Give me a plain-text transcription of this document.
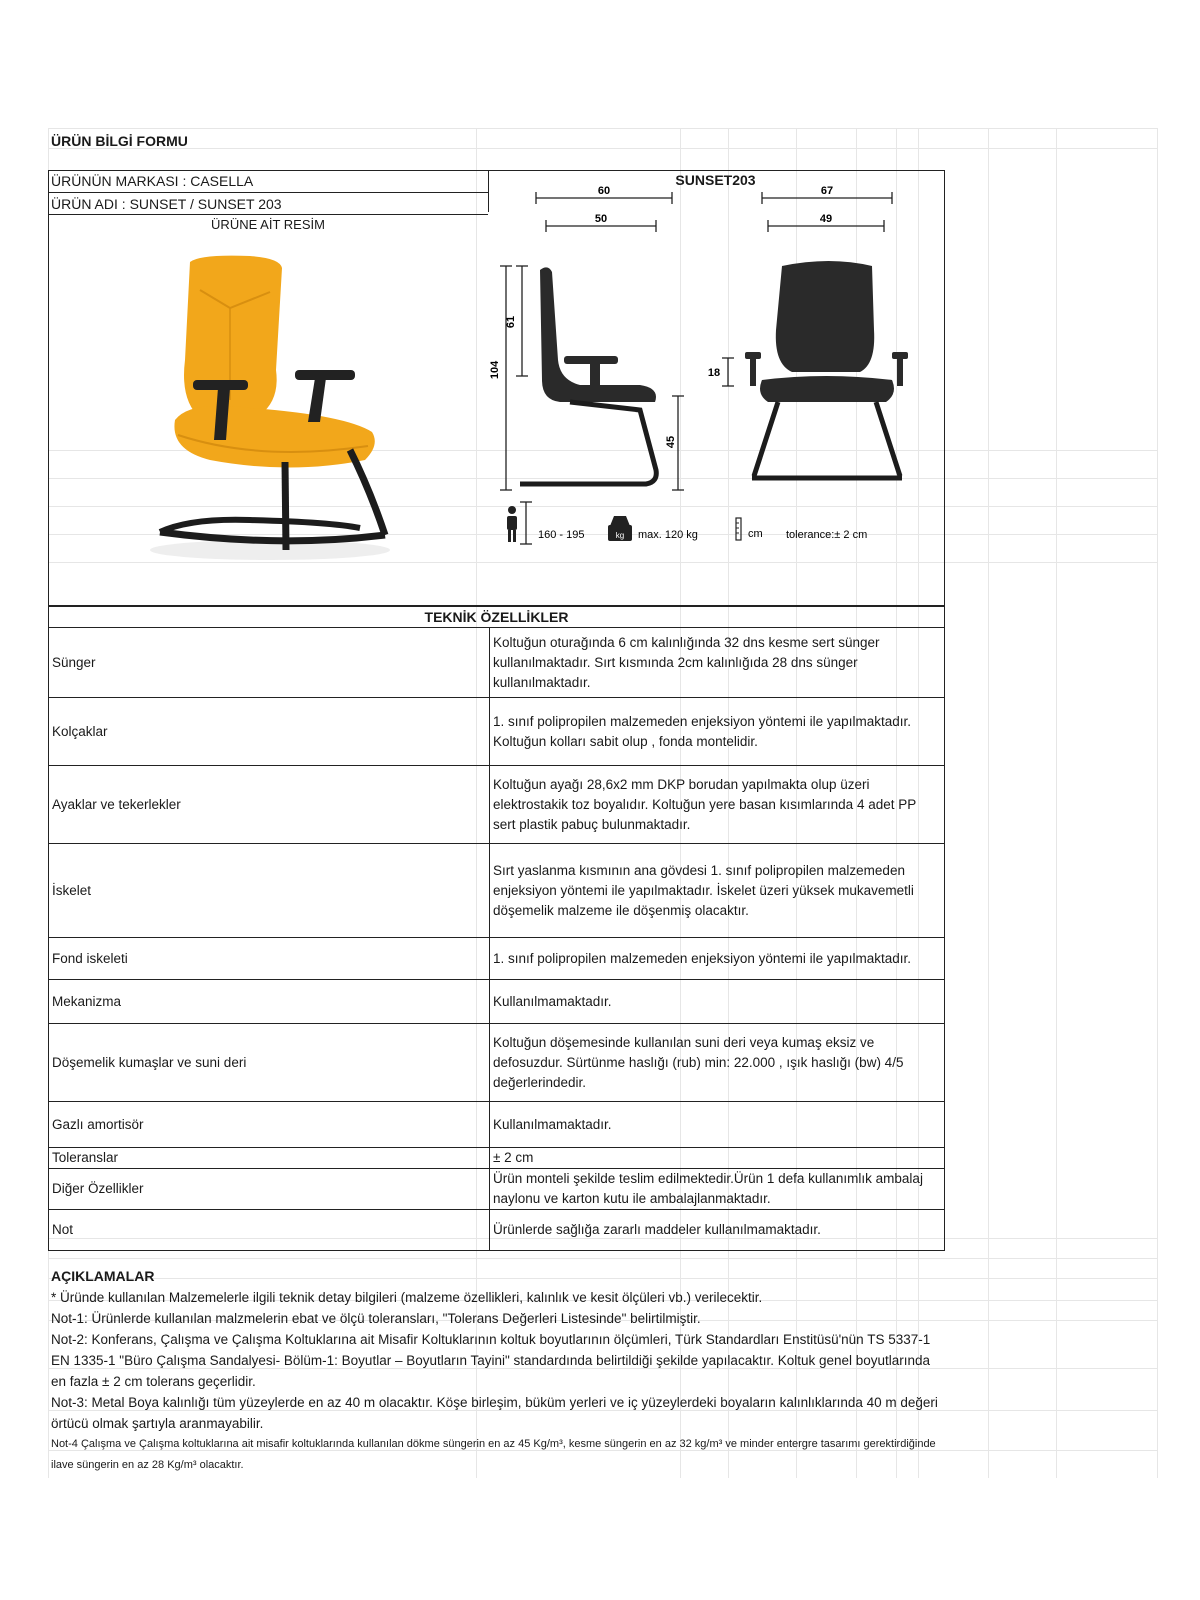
ÜRÜN BİLGİ FORMU
ÜRÜNÜN MARKASI : CASELLA
ÜRÜN ADI : SUNSET / SUNSET 203
ÜRÜNE AİT RESİM
SUNSET203
60
50
67
49
104
61
45
18
160 - 195	kg max. 120 kg	cm tolerance:± 2 cm
TEKNİK ÖZELLİKLER	
Sünger	Koltuğun oturağında 6 cm kalınlığında 32 dns kesme sert sünger kullanılmaktadır. Sırt kısmında 2cm kalınlığıda 28 dns sünger kullanılmaktadır.
Kolçaklar	1. sınıf polipropilen malzemeden enjeksiyon yöntemi ile yapılmaktadır. Koltuğun kolları sabit olup , fonda montelidir.
Ayaklar ve tekerlekler	Koltuğun ayağı 28,6x2 mm DKP borudan yapılmakta olup üzeri elektrostakik toz boyalıdır. Koltuğun yere basan kısımlarında 4 adet PP sert plastik pabuç bulunmaktadır.
İskelet	Sırt yaslanma kısmının ana gövdesi 1. sınıf polipropilen malzemeden enjeksiyon yöntemi ile yapılmaktadır. İskelet üzeri yüksek mukavemetli döşemelik malzeme ile döşenmiş olacaktır.
Fond iskeleti	1. sınıf polipropilen malzemeden enjeksiyon yöntemi ile yapılmaktadır.
Mekanizma	Kullanılmamaktadır.
Döşemelik kumaşlar ve suni deri	Koltuğun döşemesinde kullanılan suni deri veya kumaş eksiz ve defosuzdur. Sürtünme haslığı (rub) min: 22.000 , ışık haslığı (bw) 4/5 değerlerindedir.
Gazlı amortisör	Kullanılmamaktadır.
Toleranslar	± 2 cm
Diğer Özellikler	Ürün monteli şekilde teslim edilmektedir.Ürün 1 defa kullanımlık ambalaj naylonu ve karton kutu ile ambalajlanmaktadır.
Not	Ürünlerde sağlığa zararlı maddeler kullanılmamaktadır.
AÇIKLAMALAR
* Üründe kullanılan Malzemelerle ilgili teknik detay bilgileri (malzeme özellikleri, kalınlık ve kesit ölçüleri vb.) verilecektir.
Not-1: Ürünlerde kullanılan malzmelerin ebat ve ölçü toleransları, "Tolerans Değerleri Listesinde" belirtilmiştir.
Not-2: Konferans, Çalışma ve Çalışma Koltuklarına ait Misafir Koltuklarının koltuk boyutlarının ölçümleri, Türk Standardları Enstitüsü'nün TS 5337-1 EN 1335-1 "Büro Çalışma Sandalyesi- Bölüm-1: Boyutlar – Boyutların Tayini" standardında belirtildiği şekilde yapılacaktır. Koltuk genel boyutlarında en fazla ± 2 cm tolerans geçerlidir.
Not-3: Metal Boya kalınlığı tüm yüzeylerde en az 40 m olacaktır. Köşe birleşim, büküm yerleri ve iç yüzeylerdeki boyaların kalınlıklarında 40 m değeri örtücü olmak şartıyla aranmayabilir.
Not-4 Çalışma ve Çalışma koltuklarına ait misafir koltuklarında kullanılan dökme süngerin en az 45 Kg/m³, kesme süngerin en az 32 kg/m³ ve minder entergre tasarımı gerektirdiğinde ilave süngerin en az 28 Kg/m³ olacaktır.
